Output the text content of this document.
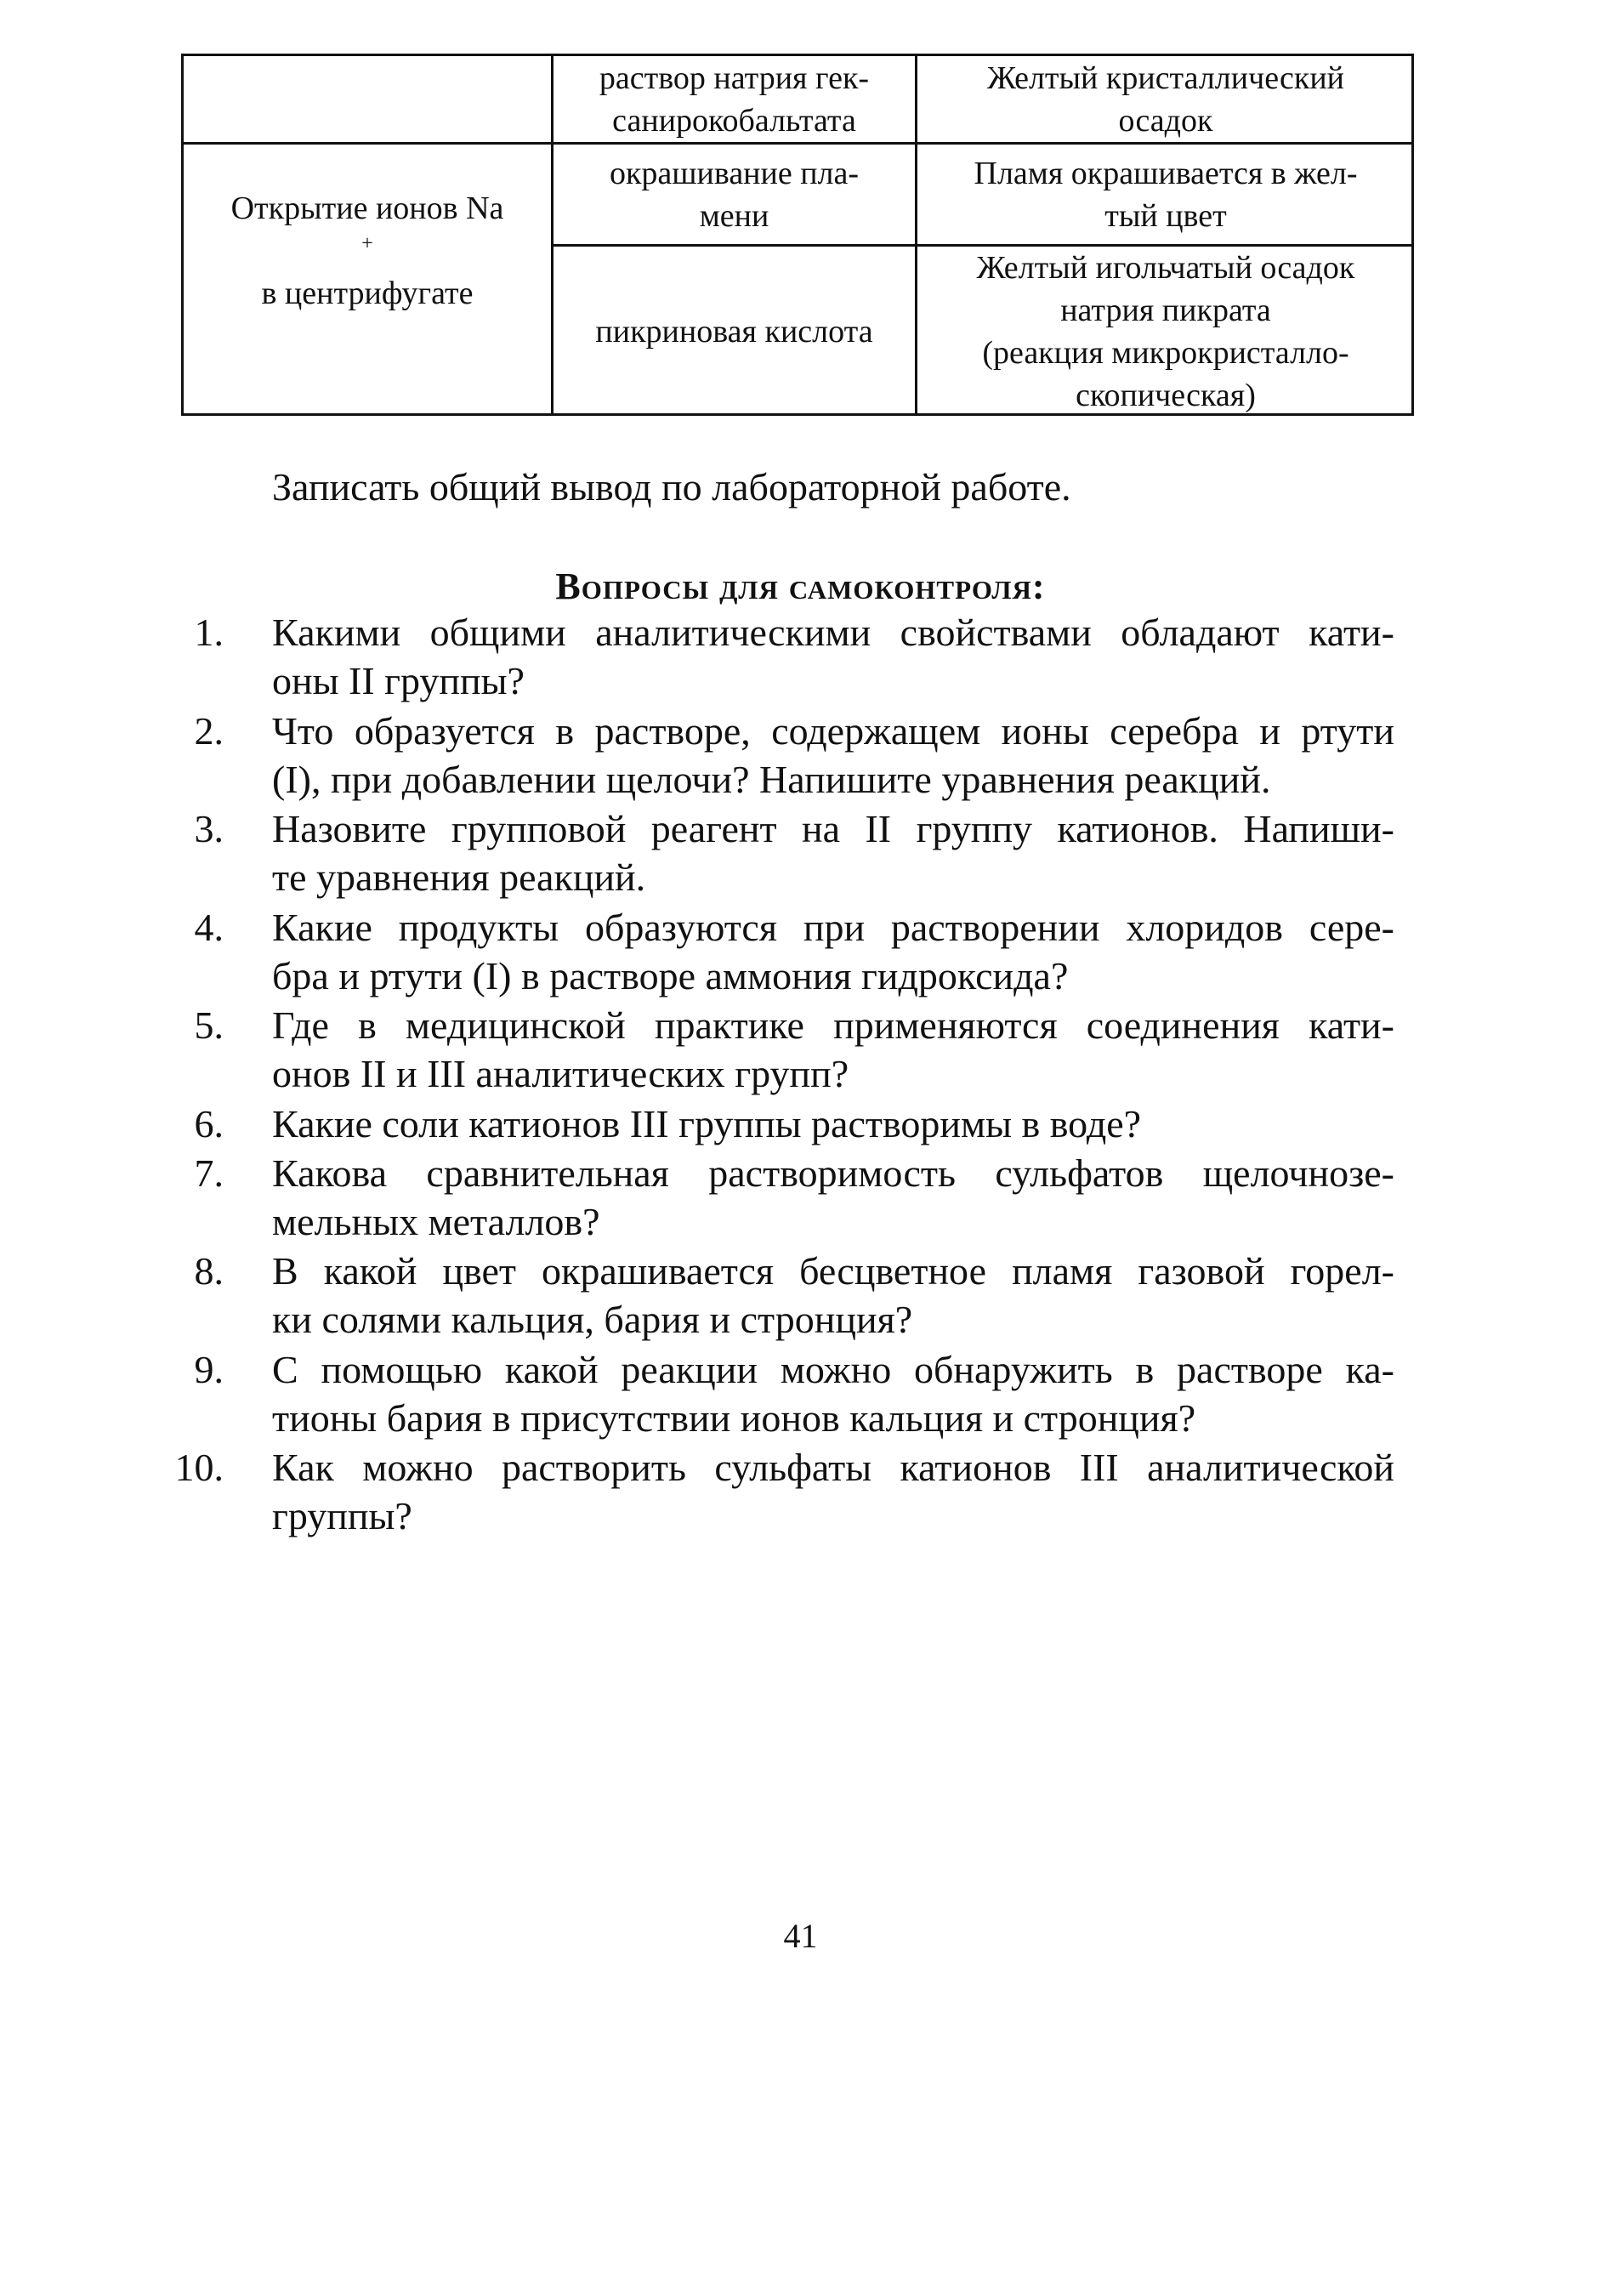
раствор натрия гек-
санирокобальтата
Желтый кристаллический
осадок
Открытие ионов Na
+
в центрифугате
окрашивание пла-
мени
Пламя окрашивается в жел-
тый цвет
пикриновая кислота
Желтый игольчатый осадок
натрия пикрата
(реакция микрокристалло-
скопическая)
Записать общий вывод по лабораторной работе.
Вопросы для самоконтроля:
1. Какими общими аналитическими свойствами обладают кати-
оны II группы?
2. Что образуется в растворе, содержащем ионы серебра и ртути
(I), при добавлении щелочи? Напишите уравнения реакций.
3. Назовите групповой реагент на II группу катионов. Напиши-
те уравнения реакций.
4. Какие продукты образуются при растворении хлоридов сере-
бра и ртути (I) в растворе аммония гидроксида?
5. Где в медицинской практике применяются соединения кати-
онов II и III аналитических групп?
6. Какие соли катионов III группы растворимы в воде?
7. Какова сравнительная растворимость сульфатов щелочнозе-
мельных металлов?
8. В какой цвет окрашивается бесцветное пламя газовой горел-
ки солями кальция, бария и стронция?
9. С помощью какой реакции можно обнаружить в растворе ка-
тионы бария в присутствии ионов кальция и стронция?
10. Как можно растворить сульфаты катионов III аналитической
группы?
41
